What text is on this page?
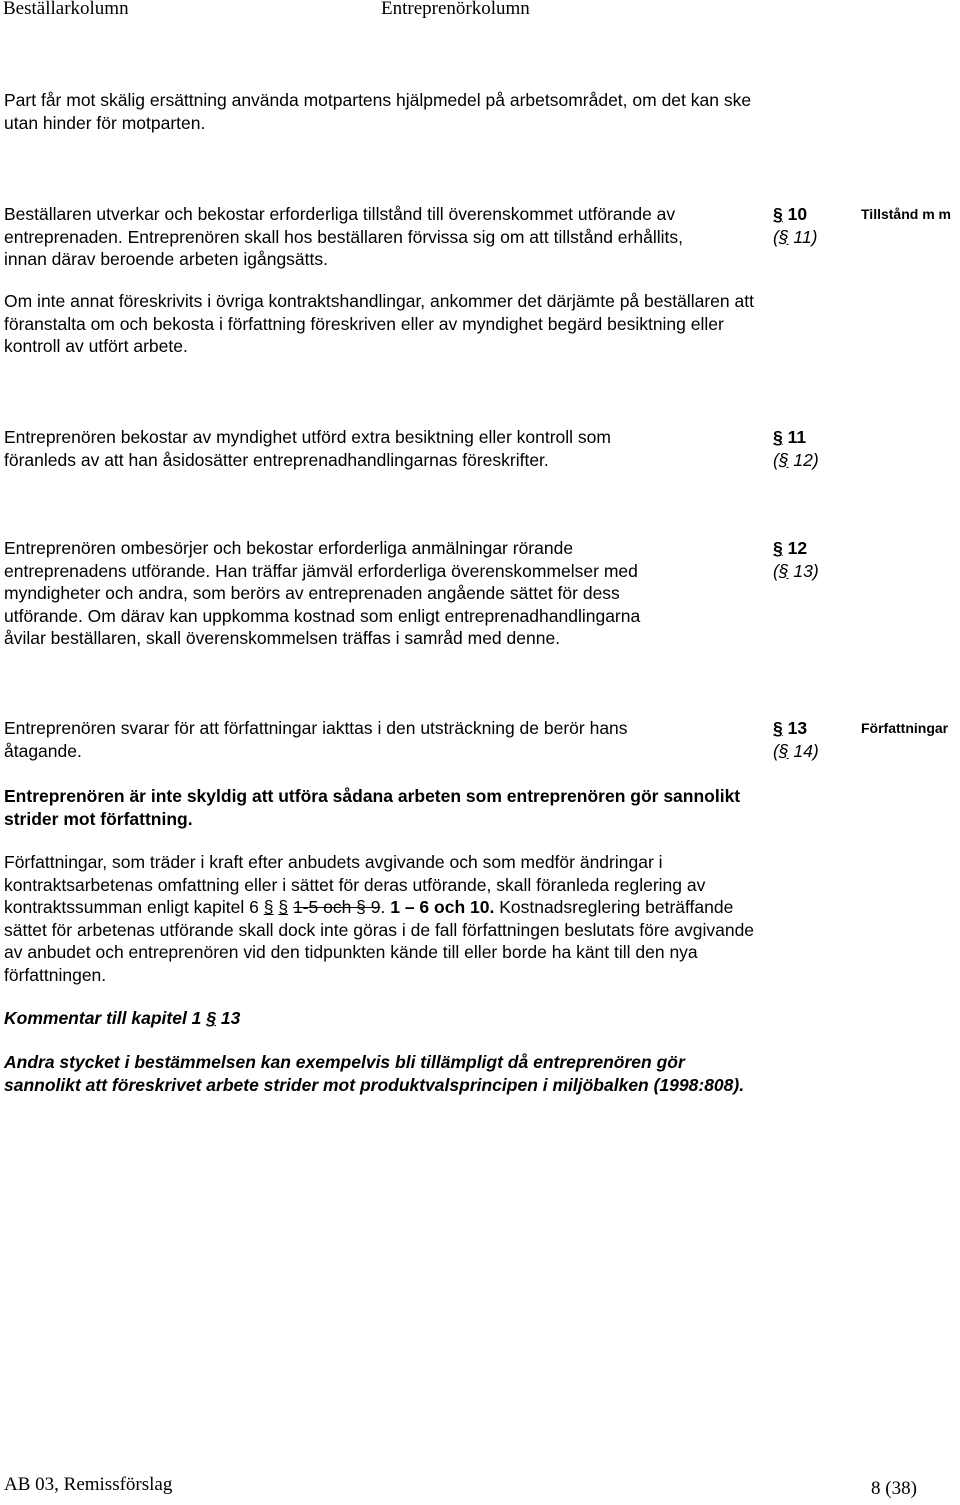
Beställarkolumn	Entreprenörkolumn

Part får mot skälig ersättning använda motpartens hjälpmedel på arbetsområdet, om det kan ske utan hinder för motparten.

Beställaren utverkar och bekostar erforderliga tillstånd till överenskommet utförande av
entreprenaden. Entreprenören skall hos beställaren förvissa sig om att tillstånd erhållits,
innan därav beroende arbeten igångsätts.
§ 10
(§ 11)
Tillstånd m m

Om inte annat föreskrivits i övriga kontraktshandlingar, ankommer det därjämte på beställaren att föranstalta om och bekosta i författning föreskriven eller av myndighet begärd besiktning eller kontroll av utfört arbete.

Entreprenören bekostar av myndighet utförd extra besiktning eller kontroll som
föranleds av att han åsidosätter entreprenadhandlingarnas föreskrifter.
§ 11
(§ 12)
Entreprenören ombesörjer och bekostar erforderliga anmälningar rörande
entreprenadens utförande. Han träffar jämväl erforderliga överenskommelser med
myndigheter och andra, som berörs av entreprenaden angående sättet för dess
utförande. Om därav kan uppkomma kostnad som enligt entreprenadhandlingarna
åvilar beställaren, skall överenskommelsen träffas i samråd med denne.
§ 12
(§ 13)
Entreprenören svarar för att författningar iakttas i den utsträckning de berör hans
åtagande.
§ 13
(§ 14)
Författningar

Entreprenören är inte skyldig att utföra sådana arbeten som entreprenören gör sannolikt strider mot författning.

Författningar, som träder i kraft efter anbudets avgivande och som medför ändringar i kontraktsarbetenas omfattning eller i sättet för deras utförande, skall föranleda reglering av kontraktssumman enligt kapitel 6 § § 1-5 och § 9. 1 – 6 och 10. Kostnadsreglering beträffande sättet för arbetenas utförande skall dock inte göras i de fall författningen beslutats före avgivande av anbudet och entreprenören vid den tidpunkten kände till eller borde ha känt till den nya författningen.

Kommentar till kapitel 1 § 13

Andra stycket i bestämmelsen kan exempelvis bli tillämpligt då entreprenören gör sannolikt att föreskrivet arbete strider mot produktvalsprincipen i miljöbalken (1998:808).

AB 03, Remissförslag	8 (38)
